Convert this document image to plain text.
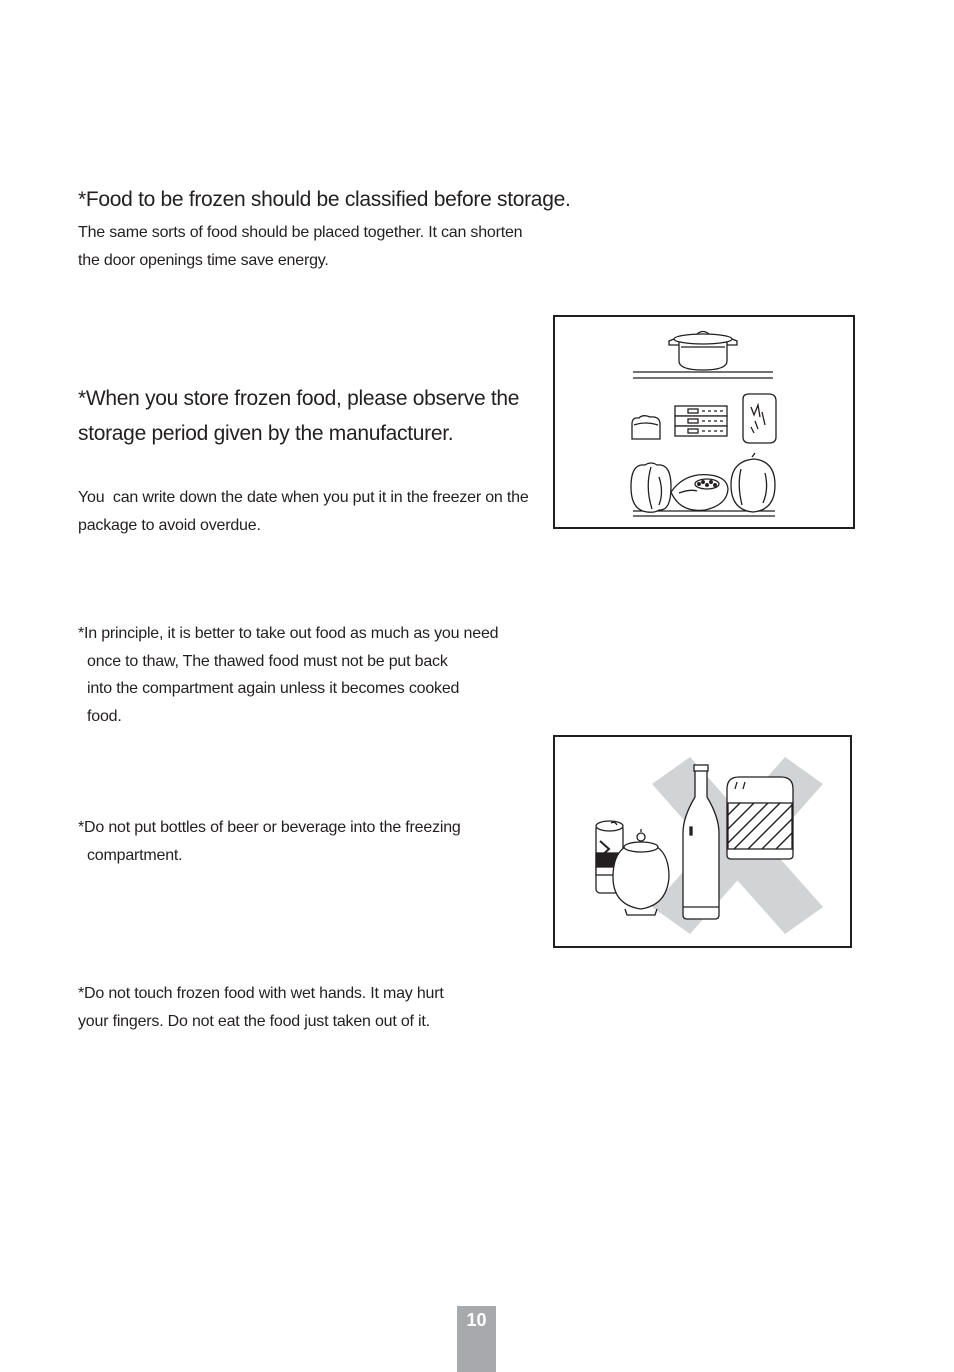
*Food to be frozen should be classified before storage.

The same sorts of food should be placed together. It can shorten
the door openings time save energy.

*When you store frozen food, please observe the
storage period given by the manufacturer.

You  can write down the date when you put it in the freezer on the
package to avoid overdue.

*In principle, it is better to take out food as much as you need
once to thaw, The thawed food must not be put back
into the compartment again unless it becomes cooked
food.

*Do not put bottles of beer or beverage into the freezing
compartment.

*Do not touch frozen food with wet hands. It may hurt
your fingers. Do not eat the food just taken out of it.

10
